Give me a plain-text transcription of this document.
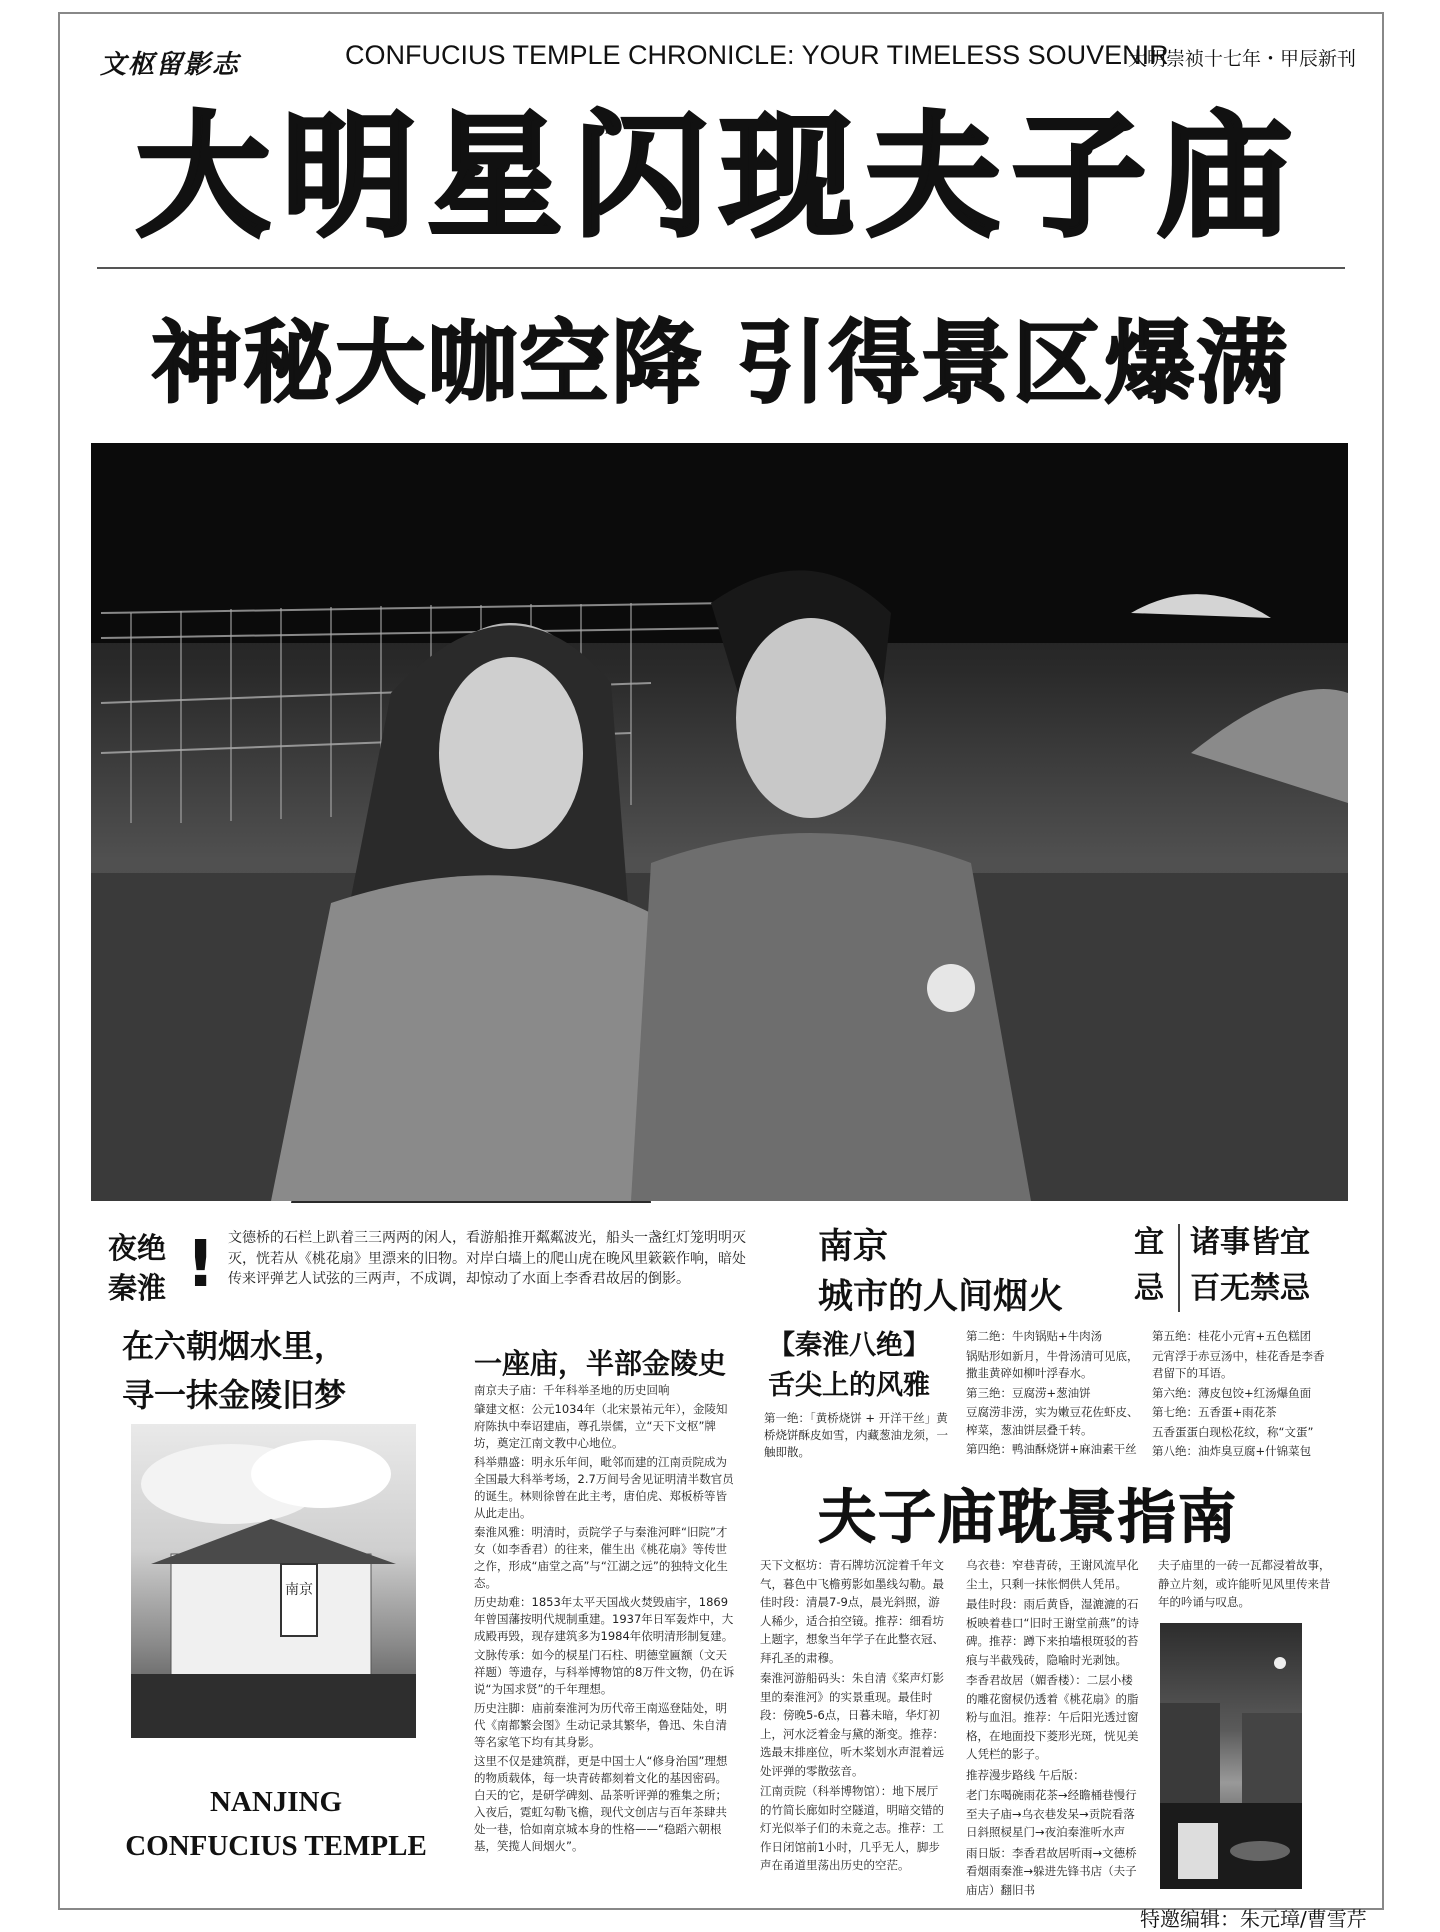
文枢留影志	CONFUCIUS TEMPLE CHRONICLE: YOUR TIMELESS SOUVENIR
大明崇祯十七年・甲辰新刊
大明星闪现夫子庙
神秘大咖空降 引得景区爆满
夜绝
秦淮 ! 文德桥的石栏上趴着三三两两的闲人，看游船推开粼粼波光，船头一盏红灯笼明明灭灭，恍若从《桃花扇》里漂来的旧物。对岸白墙上的爬山虎在晚风里簌簌作响，暗处传来评弹艺人试弦的三两声，不成调，却惊动了水面上李香君故居的倒影。
南京
城市的人间烟火
宜
忌
诸事皆宜
百无禁忌
在六朝烟水里，
寻一抹金陵旧梦
南京
NANJING
CONFUCIUS TEMPLE
一座庙，半部金陵史

南京夫子庙：千年科举圣地的历史回响

肇建文枢：公元1034年（北宋景祐元年），金陵知府陈执中奉诏建庙，尊孔崇儒，立“天下文枢”牌坊，奠定江南文教中心地位。

科举鼎盛：明永乐年间，毗邻而建的江南贡院成为全国最大科举考场，2.7万间号舍见证明清半数官员的诞生。林则徐曾在此主考，唐伯虎、郑板桥等皆从此走出。

秦淮风雅：明清时，贡院学子与秦淮河畔“旧院”才女（如李香君）的往来，催生出《桃花扇》等传世之作，形成“庙堂之高”与“江湖之远”的独特文化生态。

历史劫难：1853年太平天国战火焚毁庙宇，1869年曾国藩按明代规制重建。1937年日军轰炸中，大成殿再毁，现存建筑多为1984年依明清形制复建。

文脉传承：如今的棂星门石柱、明德堂匾额（文天祥题）等遗存，与科举博物馆的8万件文物，仍在诉说“为国求贤”的千年理想。

历史注脚：庙前秦淮河为历代帝王南巡登陆处，明代《南都繁会图》生动记录其繁华，鲁迅、朱自清等名家笔下均有其身影。

这里不仅是建筑群，更是中国士人“修身治国”理想的物质载体，每一块青砖都刻着文化的基因密码。白天的它，是研学碑刻、品茶听评弹的雅集之所；入夜后，霓虹勾勒飞檐，现代文创店与百年茶肆共处一巷，恰如南京城本身的性格——“稳蹈六朝根基，笑揽人间烟火”。

【秦淮八绝】
舌尖上的风雅

第一绝：「黄桥烧饼 + 开洋干丝」黄桥烧饼酥皮如雪，内藏葱油龙须，一触即散。

第二绝：牛肉锅贴+牛肉汤

锅贴形如新月，牛骨汤清可见底，撒韭黄碎如柳叶浮春水。

第三绝：豆腐涝+葱油饼

豆腐涝非涝，实为嫩豆花佐虾皮、榨菜，葱油饼层叠千转。

第四绝：鸭油酥烧饼+麻油素干丝

第五绝：桂花小元宵+五色糕团

元宵浮于赤豆汤中，桂花香是李香君留下的耳语。

第六绝：薄皮包饺+红汤爆鱼面

第七绝：五香蛋+雨花茶

五香蛋蛋白现松花纹，称“文蛋”

第八绝：油炸臭豆腐+什锦菜包

夫子庙耽景指南

天下文枢坊：青石牌坊沉淀着千年文气，暮色中飞檐剪影如墨线勾勒。最佳时段：清晨7-9点，晨光斜照，游人稀少，适合拍空镜。推荐：细看坊上题字，想象当年学子在此整衣冠、拜孔圣的肃穆。

秦淮河游船码头：朱自清《桨声灯影里的秦淮河》的实景重现。最佳时段：傍晚5-6点，日暮未暗，华灯初上，河水泛着金与黛的渐变。推荐：选最末排座位，听木桨划水声混着远处评弹的零散弦音。

江南贡院（科举博物馆）：地下展厅的竹简长廊如时空隧道，明暗交错的灯光似举子们的未竟之志。推荐：工作日闭馆前1小时，几乎无人，脚步声在甬道里荡出历史的空茫。

乌衣巷：窄巷青砖，王谢风流早化尘土，只剩一抹怅惘供人凭吊。

最佳时段：雨后黄昏，湿漉漉的石板映着巷口“旧时王谢堂前燕”的诗碑。推荐：蹲下来拍墙根斑驳的苔痕与半截残砖，隐喻时光剥蚀。

李香君故居（媚香楼）：二层小楼的雕花窗棂仍透着《桃花扇》的脂粉与血泪。推荐：午后阳光透过窗格，在地面投下菱形光斑，恍见美人凭栏的影子。

推荐漫步路线 午后版：

老门东喝碗雨花茶→经瞻桶巷慢行至夫子庙→乌衣巷发呆→贡院看落日斜照棂星门→夜泊秦淮听水声

雨日版：李香君故居听雨→文德桥看烟雨秦淮→躲进先锋书店（夫子庙店）翻旧书

夫子庙里的一砖一瓦都浸着故事，静立片刻，或许能听见风里传来昔年的吟诵与叹息。

特邀编辑：朱元璋/曹雪芹
